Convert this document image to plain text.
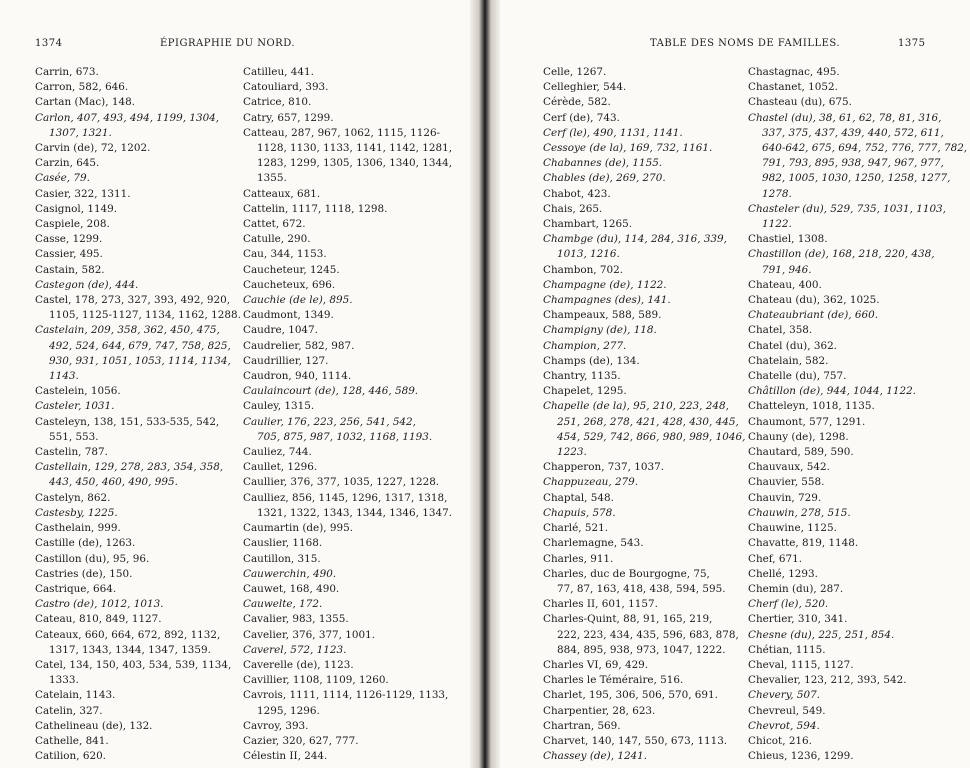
1374	ÉPIGRAPHIE DU NORD.
Carrin, 673.
Carron, 582, 646.
Cartan (Mac), 148.
Carlon, 407, 493, 494, 1199, 1304,
1307, 1321.
Carvin (de), 72, 1202.
Carzin, 645.
Casée, 79.
Casier, 322, 1311.
Casignol, 1149.
Caspiele, 208.
Casse, 1299.
Cassier, 495.
Castain, 582.
Castegon (de), 444.
Castel, 178, 273, 327, 393, 492, 920,
1105, 1125-1127, 1134, 1162, 1288.
Castelain, 209, 358, 362, 450, 475,
492, 524, 644, 679, 747, 758, 825,
930, 931, 1051, 1053, 1114, 1134,
1143.
Castelein, 1056.
Casteler, 1031.
Casteleyn, 138, 151, 533-535, 542,
551, 553.
Castelin, 787.
Castellain, 129, 278, 283, 354, 358,
443, 450, 460, 490, 995.
Castelyn, 862.
Castesby, 1225.
Casthelain, 999.
Castille (de), 1263.
Castillon (du), 95, 96.
Castries (de), 150.
Castrique, 664.
Castro (de), 1012, 1013.
Cateau, 810, 849, 1127.
Cateaux, 660, 664, 672, 892, 1132,
1317, 1343, 1344, 1347, 1359.
Catel, 134, 150, 403, 534, 539, 1134,
1333.
Catelain, 1143.
Catelin, 327.
Cathelineau (de), 132.
Cathelle, 841.
Catilion, 620.
Catilleu, 441.
Catouliard, 393.
Catrice, 810.
Catry, 657, 1299.
Catteau, 287, 967, 1062, 1115, 1126-
1128, 1130, 1133, 1141, 1142, 1281,
1283, 1299, 1305, 1306, 1340, 1344,
1355.
Catteaux, 681.
Cattelin, 1117, 1118, 1298.
Cattet, 672.
Catulle, 290.
Cau, 344, 1153.
Caucheteur, 1245.
Caucheteux, 696.
Cauchie (de le), 895.
Caudmont, 1349.
Caudre, 1047.
Caudrelier, 582, 987.
Caudrillier, 127.
Caudron, 940, 1114.
Caulaincourt (de), 128, 446, 589.
Cauley, 1315.
Caulier, 176, 223, 256, 541, 542,
705, 875, 987, 1032, 1168, 1193.
Cauliez, 744.
Caullet, 1296.
Caullier, 376, 377, 1035, 1227, 1228.
Caulliez, 856, 1145, 1296, 1317, 1318,
1321, 1322, 1343, 1344, 1346, 1347.
Caumartin (de), 995.
Causlier, 1168.
Cautillon, 315.
Cauwerchin, 490.
Cauwet, 168, 490.
Cauwelte, 172.
Cavalier, 983, 1355.
Cavelier, 376, 377, 1001.
Caverel, 572, 1123.
Caverelle (de), 1123.
Cavillier, 1108, 1109, 1260.
Cavrois, 1111, 1114, 1126-1129, 1133,
1295, 1296.
Cavroy, 393.
Cazier, 320, 627, 777.
Célestin II, 244.
TABLE DES NOMS DE FAMILLES.	1375
Celle, 1267.
Celleghier, 544.
Cérède, 582.
Cerf (de), 743.
Cerf (le), 490, 1131, 1141.
Cessoye (de la), 169, 732, 1161.
Chabannes (de), 1155.
Chables (de), 269, 270.
Chabot, 423.
Chais, 265.
Chambart, 1265.
Chambge (du), 114, 284, 316, 339,
1013, 1216.
Chambon, 702.
Champagne (de), 1122.
Champagnes (des), 141.
Champeaux, 588, 589.
Champigny (de), 118.
Champion, 277.
Champs (de), 134.
Chantry, 1135.
Chapelet, 1295.
Chapelle (de la), 95, 210, 223, 248,
251, 268, 278, 421, 428, 430, 445,
454, 529, 742, 866, 980, 989, 1046,
1223.
Chapperon, 737, 1037.
Chappuzeau, 279.
Chaptal, 548.
Chapuis, 578.
Charlé, 521.
Charlemagne, 543.
Charles, 911.
Charles, duc de Bourgogne, 75,
77, 87, 163, 418, 438, 594, 595.
Charles II, 601, 1157.
Charles-Quint, 88, 91, 165, 219,
222, 223, 434, 435, 596, 683, 878,
884, 895, 938, 973, 1047, 1222.
Charles VI, 69, 429.
Charles le Téméraire, 516.
Charlet, 195, 306, 506, 570, 691.
Charpentier, 28, 623.
Chartran, 569.
Charvet, 140, 147, 550, 673, 1113.
Chassey (de), 1241.
Chastagnac, 495.
Chastanet, 1052.
Chasteau (du), 675.
Chastel (du), 38, 61, 62, 78, 81, 316,
337, 375, 437, 439, 440, 572, 611,
640-642, 675, 694, 752, 776, 777, 782,
791, 793, 895, 938, 947, 967, 977,
982, 1005, 1030, 1250, 1258, 1277,
1278.
Chasteler (du), 529, 735, 1031, 1103,
1122.
Chastiel, 1308.
Chastillon (de), 168, 218, 220, 438,
791, 946.
Chateau, 400.
Chateau (du), 362, 1025.
Chateaubriant (de), 660.
Chatel, 358.
Chatel (du), 362.
Chatelain, 582.
Chatelle (du), 757.
Châtillon (de), 944, 1044, 1122.
Chatteleyn, 1018, 1135.
Chaumont, 577, 1291.
Chauny (de), 1298.
Chautard, 589, 590.
Chauvaux, 542.
Chauvier, 558.
Chauvin, 729.
Chauwin, 278, 515.
Chauwine, 1125.
Chavatte, 819, 1148.
Chef, 671.
Chellé, 1293.
Chemin (du), 287.
Cherf (le), 520.
Chertier, 310, 341.
Chesne (du), 225, 251, 854.
Chétian, 1115.
Cheval, 1115, 1127.
Chevalier, 123, 212, 393, 542.
Chevery, 507.
Chevreul, 549.
Chevrot, 594.
Chicot, 216.
Chieus, 1236, 1299.
